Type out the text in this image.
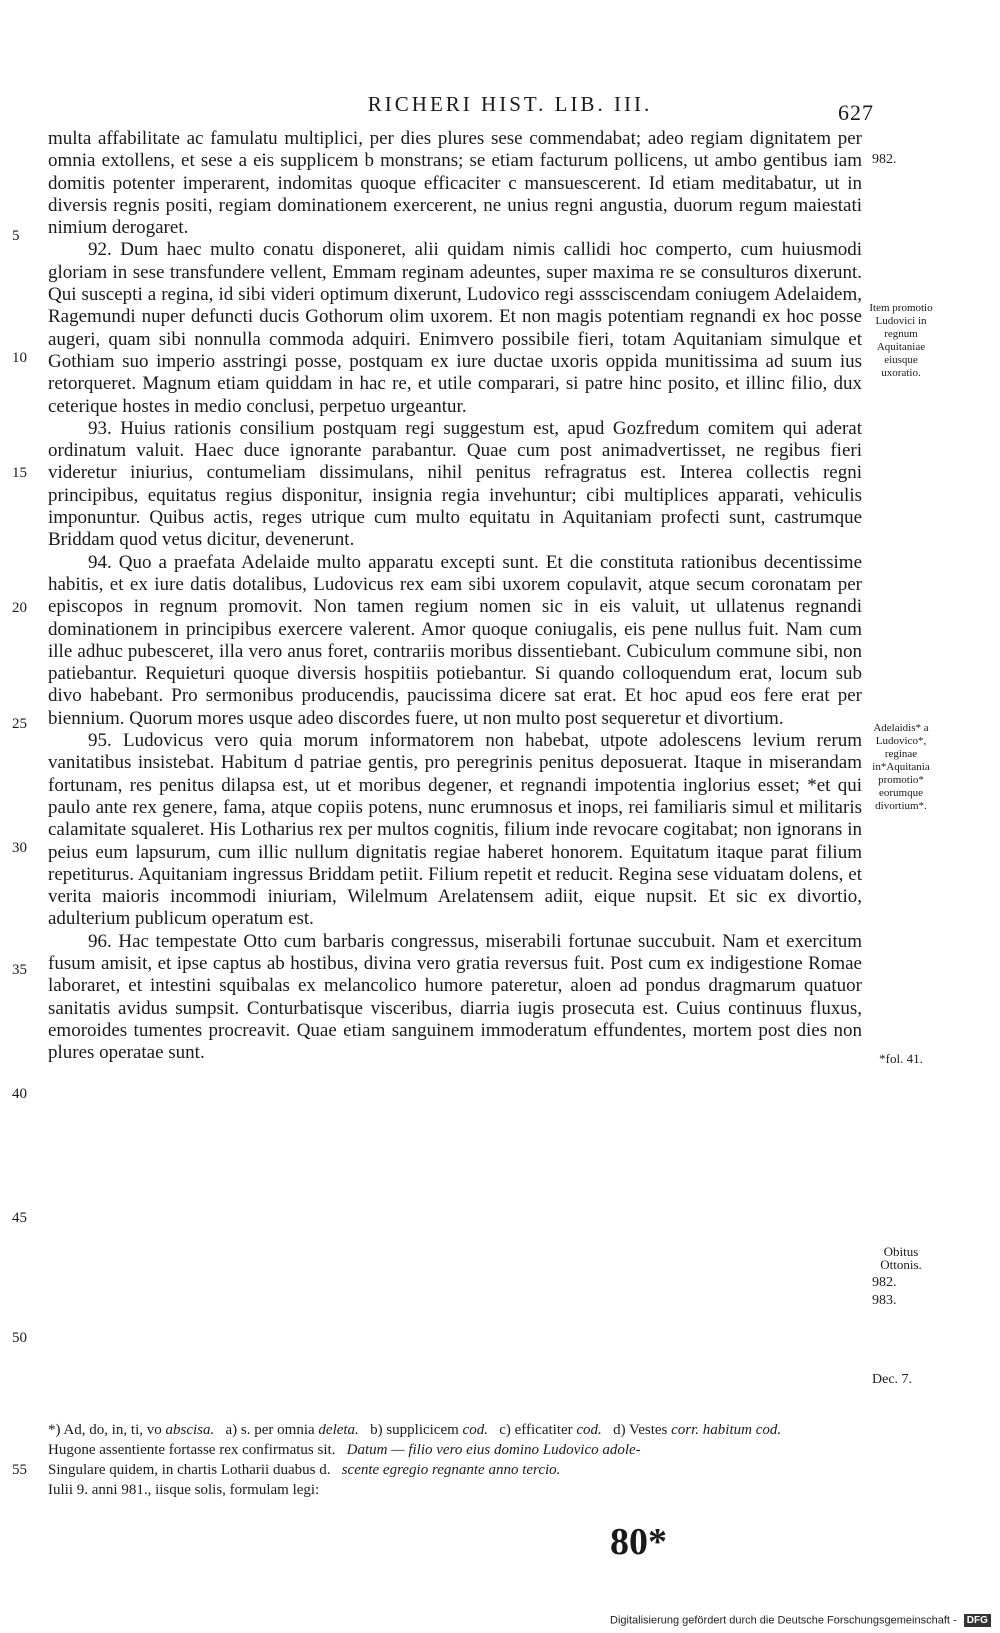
RICHERI HIST. LIB. III.	627

multa affabilitate ac famulatu multiplici, per dies plures sese commendabat; adeo regiam dignitatem per omnia extollens, et sese a eis supplicem b monstrans; se etiam facturum pollicens, ut ambo gentibus iam domitis potenter imperarent, indomitas quoque efficaciter c mansuescerent. Id etiam meditabatur, ut in diversis regnis positi, regiam dominationem exercerent, ne unius regni angustia, duorum regum maiestati nimium derogaret.

92. Dum haec multo conatu disponeret, alii quidam nimis callidi hoc comperto, cum huiusmodi gloriam in sese transfundere vellent, Emmam reginam adeuntes, super maxima re se consulturos dixerunt. Qui suscepti a regina, id sibi videri optimum dixerunt, Ludovico regi asssciscendam coniugem Adelaidem, Ragemundi nuper defuncti ducis Gothorum olim uxorem. Et non magis potentiam regnandi ex hoc posse augeri, quam sibi nonnulla commoda adquiri. Enimvero possibile fieri, totam Aquitaniam simulque et Gothiam suo imperio asstringi posse, postquam ex iure ductae uxoris oppida munitissima ad suum ius retorqueret. Magnum etiam quiddam in hac re, et utile comparari, si patre hinc posito, et illinc filio, dux ceterique hostes in medio conclusi, perpetuo urgeantur.

93. Huius rationis consilium postquam regi suggestum est, apud Gozfredum comitem qui aderat ordinatum valuit. Haec duce ignorante parabantur. Quae cum post animadvertisset, ne regibus fieri videretur iniurius, contumeliam dissimulans, nihil penitus refragratus est. Interea collectis regni principibus, equitatus regius disponitur, insignia regia invehuntur; cibi multiplices apparati, vehiculis imponuntur. Quibus actis, reges utrique cum multo equitatu in Aquitaniam profecti sunt, castrumque Briddam quod vetus dicitur, devenerunt.

94. Quo a praefata Adelaide multo apparatu excepti sunt. Et die constituta rationibus decentissime habitis, et ex iure datis dotalibus, Ludovicus rex eam sibi uxorem copulavit, atque secum coronatam per episcopos in regnum promovit. Non tamen regium nomen sic in eis valuit, ut ullatenus regnandi dominationem in principibus exercere valerent. Amor quoque coniugalis, eis pene nullus fuit. Nam cum ille adhuc pubesceret, illa vero anus foret, contrariis moribus dissentiebant. Cubiculum commune sibi, non patiebantur. Requieturi quoque diversis hospitiis potiebantur. Si quando colloquendum erat, locum sub divo habebant. Pro sermonibus producendis, paucissima dicere sat erat. Et hoc apud eos fere erat per biennium. Quorum mores usque adeo discordes fuere, ut non multo post sequeretur et divortium.

95. Ludovicus vero quia morum informatorem non habebat, utpote adolescens levium rerum vanitatibus insistebat. Habitum d patriae gentis, pro peregrinis penitus deposuerat. Itaque in miserandam fortunam, res penitus dilapsa est, ut et moribus degener, et regnandi impotentia inglorius esset; *et qui paulo ante rex genere, fama, atque copiis potens, nunc erumnosus et inops, rei familiaris simul et militaris calamitate squaleret. His Lotharius rex per multos cognitis, filium inde revocare cogitabat; non ignorans in peius eum lapsurum, cum illic nullum dignitatis regiae haberet honorem. Equitatum itaque parat filium repetiturus. Aquitaniam ingressus Briddam petiit. Filium repetit et reducit. Regina sese viduatam dolens, et verita maioris incommodi iniuriam, Wilelmum Arelatensem adiit, eique nupsit. Et sic ex divortio, adulterium publicum operatum est.

96. Hac tempestate Otto cum barbaris congressus, miserabili fortunae succubuit. Nam et exercitum fusum amisit, et ipse captus ab hostibus, divina vero gratia reversus fuit. Post cum ex indigestione Romae laboraret, et intestini squibalas ex melancolico humore pateretur, aloen ad pondus dragmarum quatuor sanitatis avidus sumpsit. Conturbatisque visceribus, diarria iugis prosecuta est. Cuius continuus fluxus, emoroides tumentes procreavit. Quae etiam sanguinem immoderatum effundentes, mortem post dies non plures operatae sunt.

5
10
15
20
25
30
35
40
45
50
55
982.
Item promotio Ludovici in regnum Aquitaniae eiusque uxoratio.
Adelaidis* a Ludovico*, reginae in*Aquitania promotio* eorumque divortium*.
*fol. 41.
Obitus Ottonis.
982.
983.
Dec. 7.
*) Ad, do, in, ti, vo abscisa. a) s. per omnia deleta. b) supplicicem cod. c) efficatiter cod. d) Vestes corr. habitum cod.
Hugone assentiente fortasse rex confirmatus sit. Datum — filio vero eius domino Ludovico adole-
Singulare quidem, in chartis Lotharii duabus d. scente egregio regnante anno tercio.
Iulii 9. anni 981., iisque solis, formulam legi:
80*
Digitalisierung gefördert durch die Deutsche Forschungsgemeinschaft - DFG
